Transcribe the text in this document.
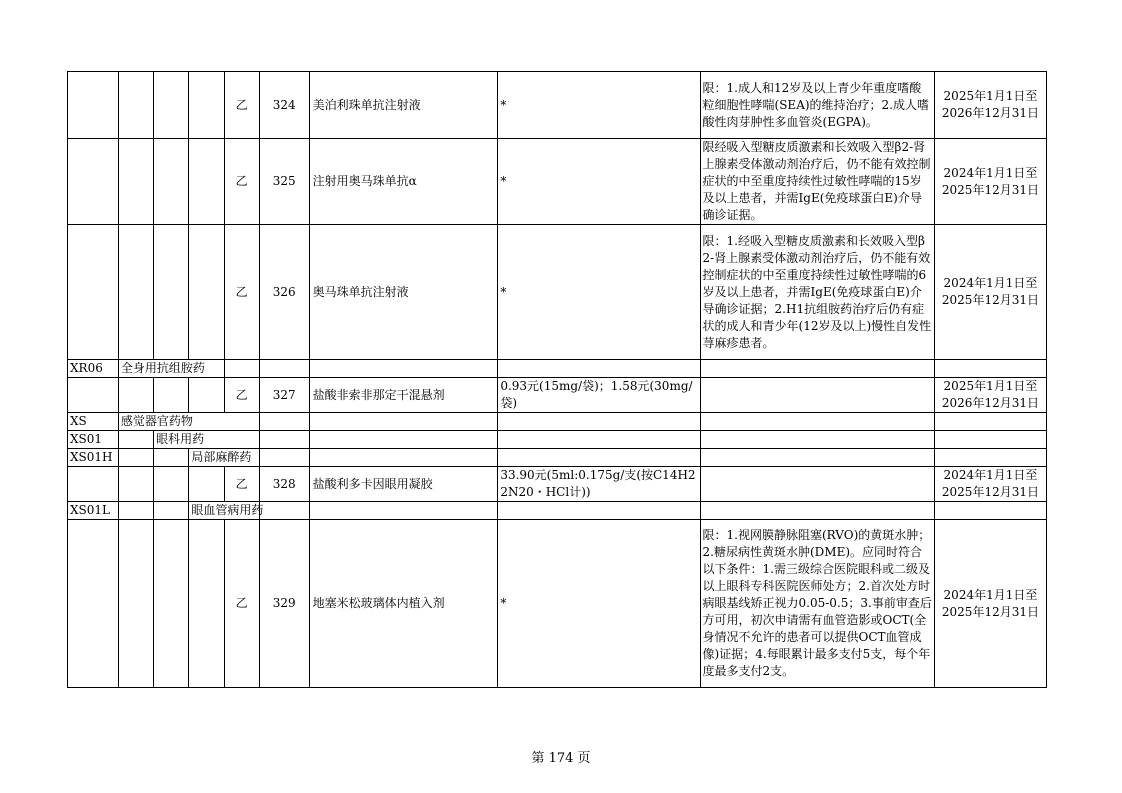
				乙	324	美泊利珠单抗注射液	*	限：1.成人和12岁及以上青少年重度嗜酸粒细胞性哮喘(SEA)的维持治疗；2.成人嗜酸性肉芽肿性多血管炎(EGPA)。	2025年1月1日至2026年12月31日
				乙	325	注射用奥马珠单抗α	*	限经吸入型糖皮质激素和长效吸入型β2-肾上腺素受体激动剂治疗后，仍不能有效控制症状的中至重度持续性过敏性哮喘的15岁及以上患者，并需IgE(免疫球蛋白E)介导确诊证据。	2024年1月1日至2025年12月31日
				乙	326	奥马珠单抗注射液	*	限：1.经吸入型糖皮质激素和长效吸入型β2-肾上腺素受体激动剂治疗后，仍不能有效控制症状的中至重度持续性过敏性哮喘的6岁及以上患者，并需IgE(免疫球蛋白E)介导确诊证据；2.H1抗组胺药治疗后仍有症状的成人和青少年(12岁及以上)慢性自发性荨麻疹患者。	2024年1月1日至2025年12月31日
XR06	全身用抗组胺药								
				乙	327	盐酸非索非那定干混悬剂	0.93元(15mg/袋)；1.58元(30mg/袋)		2025年1月1日至2026年12月31日
XS	感觉器官药物								
XS01		眼科用药							
XS01H			局部麻醉药						
				乙	328	盐酸利多卡因眼用凝胶	33.90元(5ml:0.175g/支(按C14H22N20・HCl计))		2024年1月1日至2025年12月31日
XS01L			眼血管病用药						
				乙	329	地塞米松玻璃体内植入剂	*	限：1.视网膜静脉阻塞(RVO)的黄斑水肿；2.糖尿病性黄斑水肿(DME)。应同时符合以下条件：1.需三级综合医院眼科或二级及以上眼科专科医院医师处方；2.首次处方时病眼基线矫正视力0.05-0.5；3.事前审查后方可用，初次申请需有血管造影或OCT(全身情况不允许的患者可以提供OCT血管成像)证据；4.每眼累计最多支付5支，每个年度最多支付2支。	2024年1月1日至2025年12月31日
第 174 页
